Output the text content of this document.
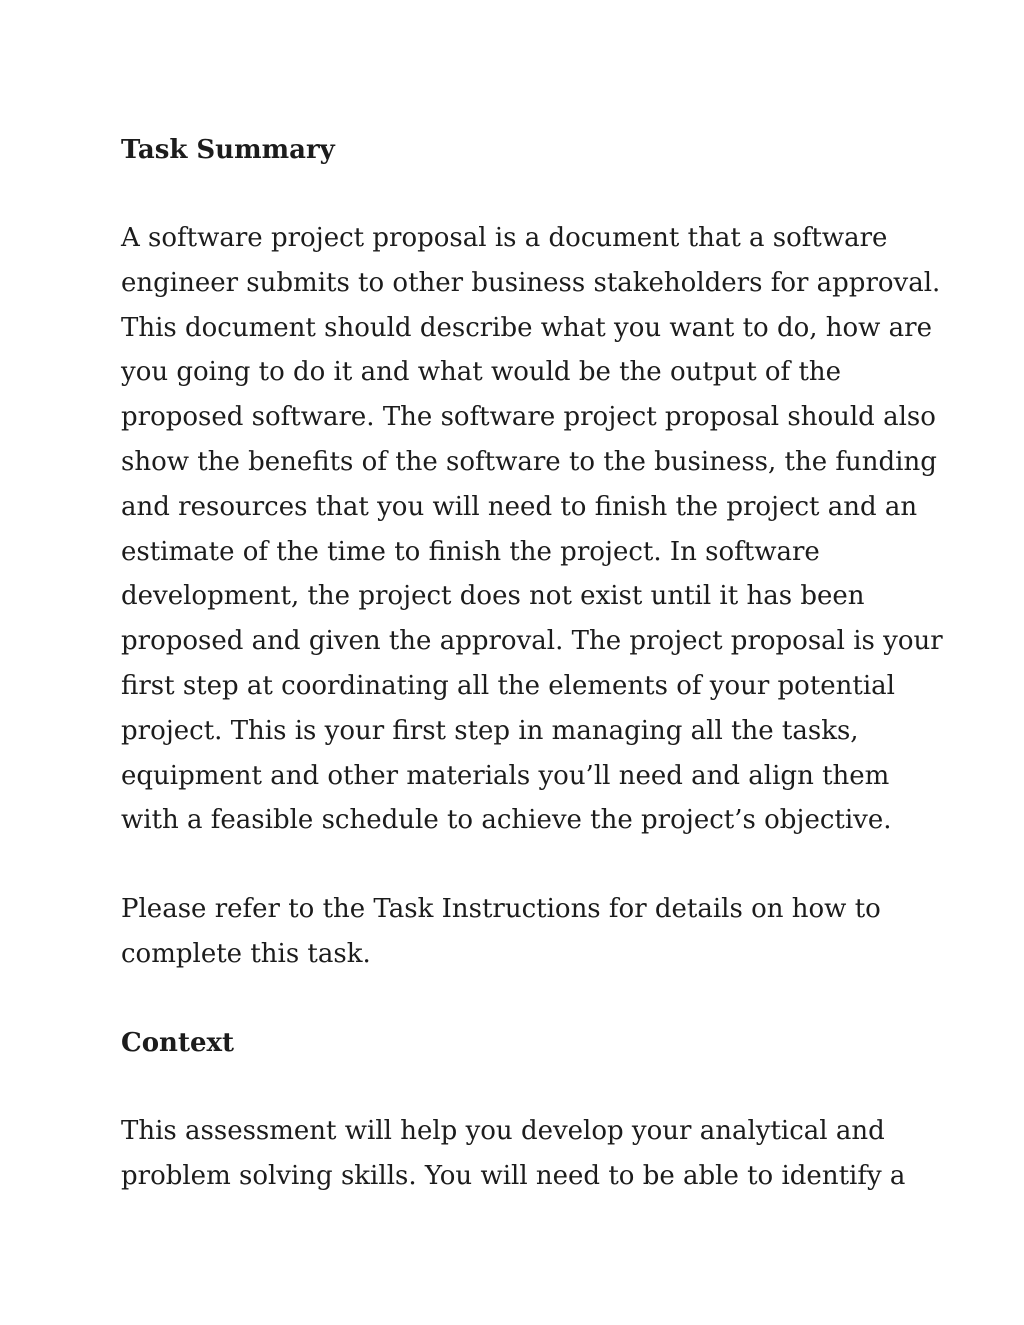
Task Summary
A software project proposal is a document that a software
engineer submits to other business stakeholders for approval.
This document should describe what you want to do, how are
you going to do it and what would be the output of the
proposed software. The software project proposal should also
show the benefits of the software to the business, the funding
and resources that you will need to finish the project and an
estimate of the time to finish the project. In software
development, the project does not exist until it has been
proposed and given the approval. The project proposal is your
first step at coordinating all the elements of your potential
project. This is your first step in managing all the tasks,
equipment and other materials you’ll need and align them
with a feasible schedule to achieve the project’s objective.
Please refer to the Task Instructions for details on how to
complete this task.
Context
This assessment will help you develop your analytical and
problem solving skills. You will need to be able to identify a
